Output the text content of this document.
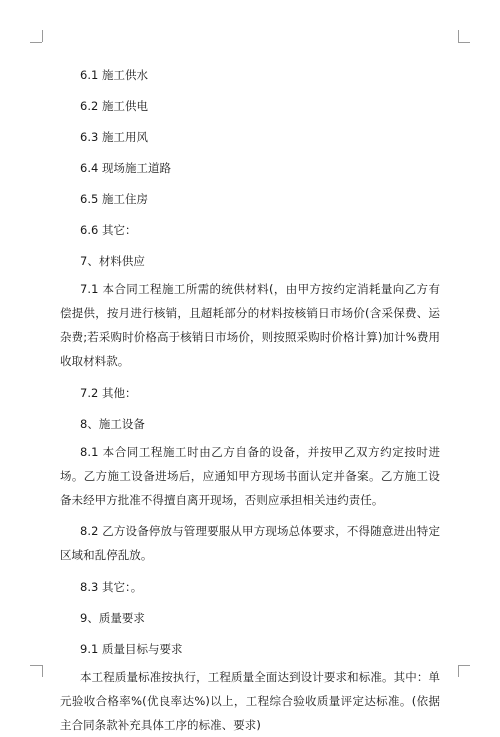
6.1 施工供水

6.2 施工供电

6.3 施工用风

6.4 现场施工道路

6.5 施工住房

6.6 其它：

7、材料供应

7.1 本合同工程施工所需的统供材料(，由甲方按约定消耗量向乙方有偿提供，按月进行核销，且超耗部分的材料按核销日市场价(含采保费、运杂费;若采购时价格高于核销日市场价，则按照采购时价格计算)加计%费用收取材料款。

7.2 其他：

8、施工设备

8.1 本合同工程施工时由乙方自备的设备，并按甲乙双方约定按时进场。乙方施工设备进场后，应通知甲方现场书面认定并备案。乙方施工设备未经甲方批准不得擅自离开现场，否则应承担相关违约责任。

8.2 乙方设备停放与管理要服从甲方现场总体要求，不得随意进出特定区域和乱停乱放。

8.3 其它：。

9、质量要求

9.1 质量目标与要求

本工程质量标准按执行，工程质量全面达到设计要求和标准。其中：单元验收合格率%(优良率达%)以上，工程综合验收质量评定达标准。(依据主合同条款补充具体工序的标准、要求)
